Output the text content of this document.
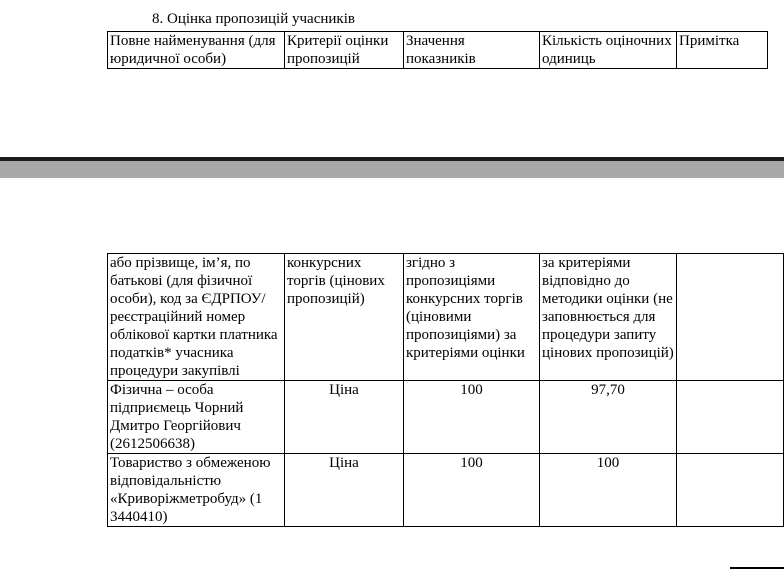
8. Оцінка пропозицій учасників
Повне найменування (для юридичної особи)	Критерії оцінки пропозицій	Значення показників	Кількість оціночних одиниць	Примітка
або прізвище, ім’я, по батькові (для фізичної особи), код за ЄДРПОУ/ реєстраційний номер облікової картки платника податків* учасника процедури закупівлі	конкурсних торгів (цінових пропозицій)	згідно з пропозиціями конкурсних торгів (ціновими пропозиціями) за критеріями оцінки	за критеріями відповідно до методики оцінки (не заповнюється для процедури запиту цінових пропозицій)	
Фізична – особа підприємець Чорний Дмитро Георгійович (2612506638)	Ціна	100	97,70	
Товариство з обмеженою відповідальністю «Криворіжметробуд» (1 3440410)	Ціна	100	100	
